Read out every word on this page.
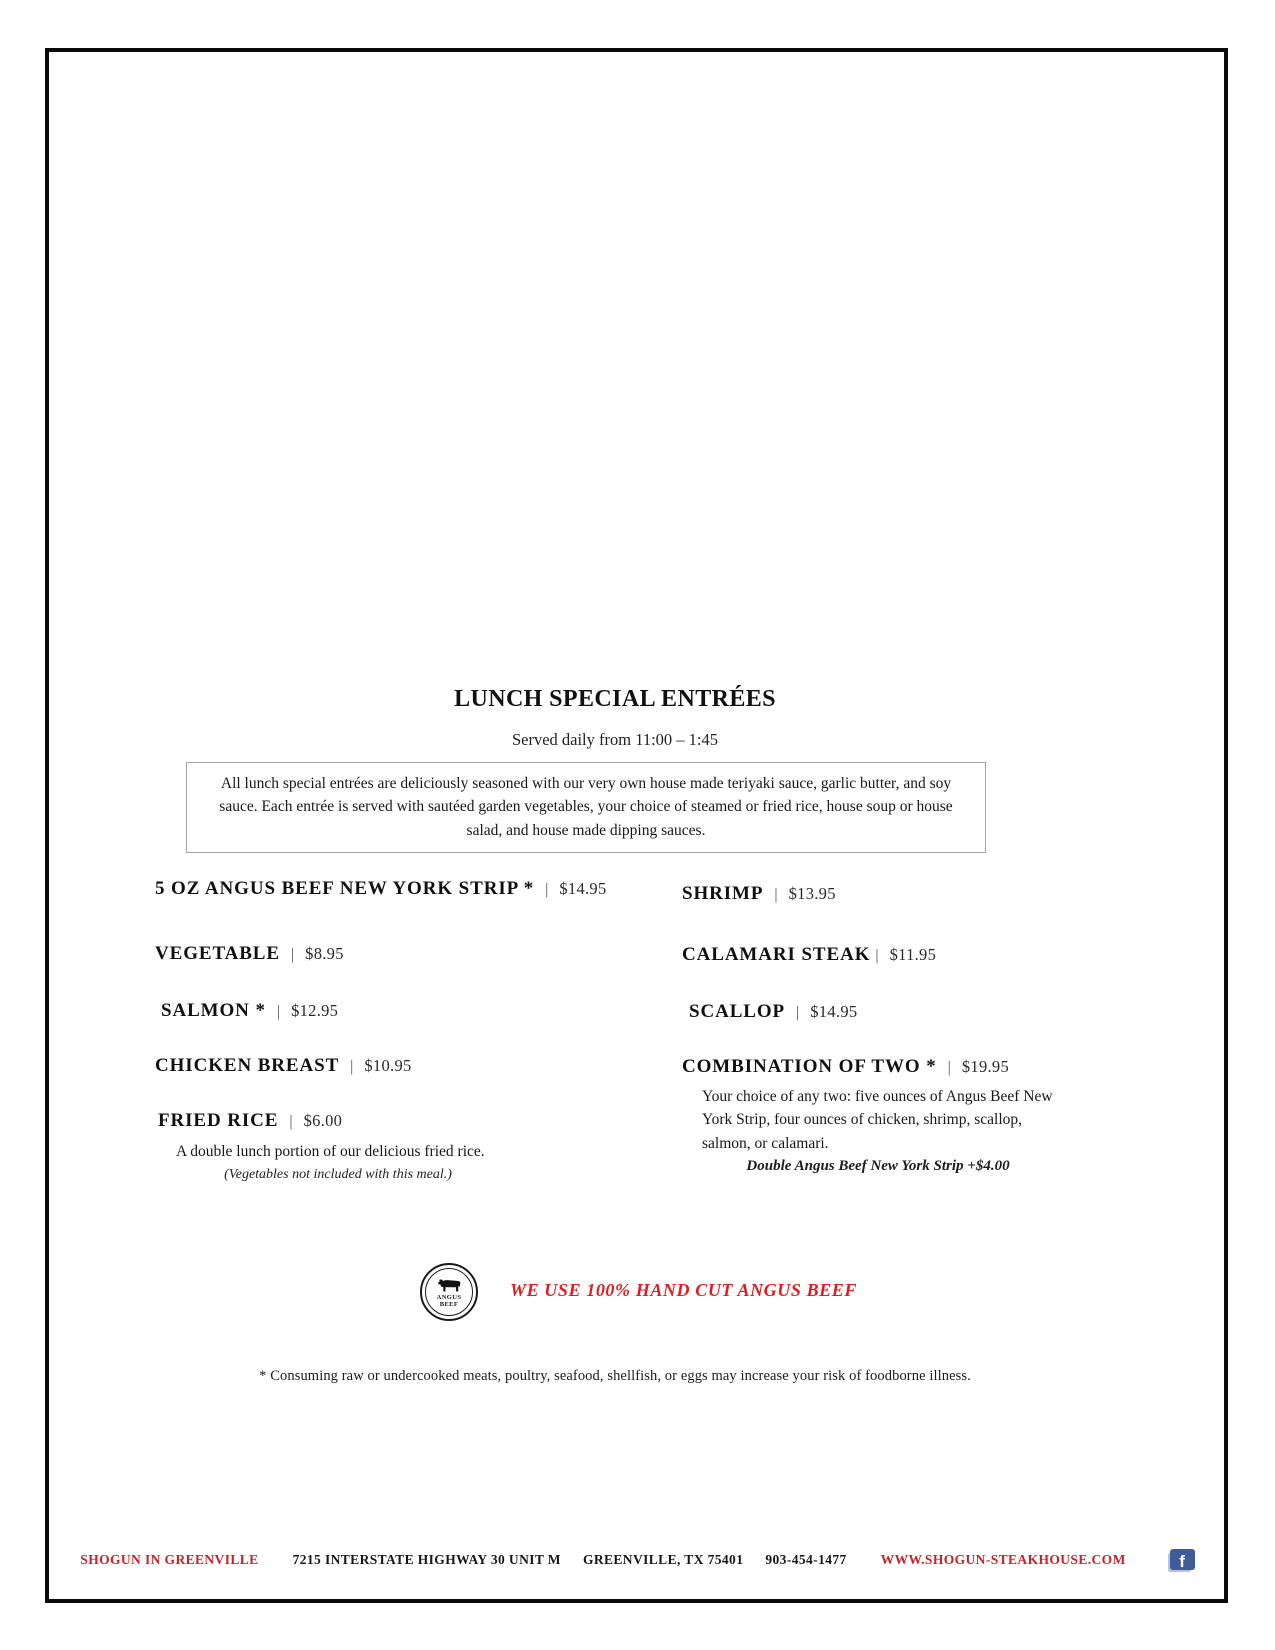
LUNCH SPECIAL ENTRÉES
Served daily from 11:00 – 1:45
All lunch special entrées are deliciously seasoned with our very own house made teriyaki sauce, garlic butter, and soy sauce. Each entrée is served with sautéed garden vegetables, your choice of steamed or fried rice, house soup or house salad, and house made dipping sauces.
5 OZ ANGUS BEEF NEW YORK STRIP * | $14.95
VEGETABLE | $8.95
SALMON * | $12.95
CHICKEN BREAST | $10.95
FRIED RICE | $6.00
A double lunch portion of our delicious fried rice.
(Vegetables not included with this meal.)
SHRIMP | $13.95
CALAMARI STEAK | $11.95
SCALLOP | $14.95
COMBINATION OF TWO * | $19.95
Your choice of any two: five ounces of Angus Beef New York Strip, four ounces of chicken, shrimp, scallop, salmon, or calamari.
Double Angus Beef New York Strip +$4.00
ANGUS
BEEF
WE USE 100% HAND CUT ANGUS BEEF
* Consuming raw or undercooked meats, poultry, seafood, shellfish, or eggs may increase your risk of foodborne illness.
SHOGUN IN GREENVILLE	7215 INTERSTATE HIGHWAY 30 UNIT M GREENVILLE, TX 75401 903-454-1477	WWW.SHOGUN-STEAKHOUSE.COM	f
